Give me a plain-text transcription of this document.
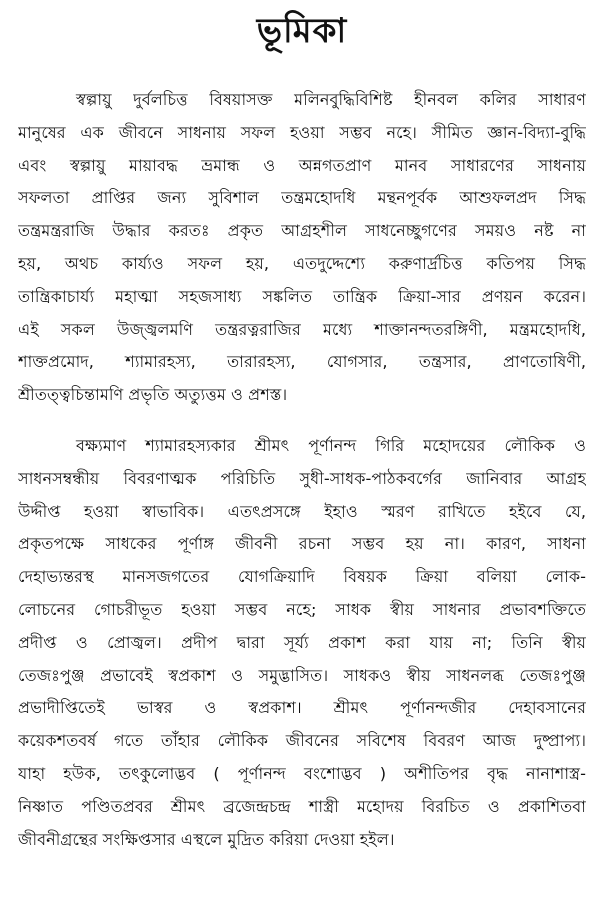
ভূমিকা
স্বল্পায়ু দুর্বলচিত্ত বিষয়াসক্ত মলিনবুদ্ধিবিশিষ্ট হীনবল কলির সাধারণ
মানুষের এক জীবনে সাধনায় সফল হওয়া সম্ভব নহে। সীমিত জ্ঞান-বিদ্যা-বুদ্ধি
এবং স্বল্পায়ু মায়াবদ্ধ ভ্রমান্ধ ও অন্নগতপ্রাণ মানব সাধারণের সাধনায়
সফলতা প্রাপ্তির জন্য সুবিশাল তন্ত্রমহোদধি মন্থনপূর্বক আশুফলপ্রদ সিদ্ধ
তন্ত্রমন্ত্ররাজি উদ্ধার করতঃ প্রকৃত আগ্রহশীল সাধনেচ্ছুগণের সময়ও নষ্ট না
হয়, অথচ কার্য্যও সফল হয়, এতদুদ্দেশ্যে করুণার্দ্রচিত্ত কতিপয় সিদ্ধ
তান্ত্রিকাচার্য্য মহাত্মা সহজসাধ্য সঙ্কলিত তান্ত্রিক ক্রিয়া-সার প্রণয়ন করেন।
এই সকল উজ্জ্বলমণি তন্ত্ররত্নরাজির মধ্যে শাক্তানন্দতরঙ্গিণী, মন্ত্রমহোদধি,
শাক্তপ্রমোদ, শ্যামারহস্য, তারারহস্য, যোগসার, তন্ত্রসার, প্রাণতোষিণী,
শ্রীতত্ত্বচিন্তামণি প্রভৃতি অত্যুত্তম ও প্রশস্ত।
বক্ষ্যমাণ শ্যামারহস্যকার শ্রীমৎ পূর্ণানন্দ গিরি মহোদয়ের লৌকিক ও
সাধনসম্বন্ধীয় বিবরণাত্মক পরিচিতি সুধী-সাধক-পাঠকবর্গের জানিবার আগ্রহ
উদ্দীপ্ত হওয়া স্বাভাবিক। এতৎপ্রসঙ্গে ইহাও স্মরণ রাখিতে হইবে যে,
প্রকৃতপক্ষে সাধকের পূর্ণাঙ্গ জীবনী রচনা সম্ভব হয় না। কারণ, সাধনা
দেহাভ্যন্তরস্থ মানসজগতের যোগক্রিয়াদি বিষয়ক ক্রিয়া বলিয়া লোক-
লোচনের গোচরীভূত হওয়া সম্ভব নহে; সাধক স্বীয় সাধনার প্রভাবশক্তিতে
প্রদীপ্ত ও প্রোজ্বল। প্রদীপ দ্বারা সূর্য্য প্রকাশ করা যায় না; তিনি স্বীয়
তেজঃপুঞ্জ প্রভাবেই স্বপ্রকাশ ও সমুদ্ভাসিত। সাধকও স্বীয় সাধনলব্ধ তেজঃপুঞ্জ
প্রভাদীপ্তিতেই ভাস্বর ও স্বপ্রকাশ। শ্রীমৎ পূর্ণানন্দজীর দেহাবসানের
কয়েকশতবর্ষ গতে তাঁহার লৌকিক জীবনের সবিশেষ বিবরণ আজ দুষ্প্রাপ্য।
যাহা হউক, তৎকুলোদ্ভব ( পূর্ণানন্দ বংশোদ্ভব ) অশীতিপর বৃদ্ধ নানাশাস্ত্র-
নিষ্ণাত পণ্ডিতপ্রবর শ্রীমৎ ব্রজেন্দ্রচন্দ্র শাস্ত্রী মহোদয় বিরচিত ও প্রকাশিতবা
জীবনীগ্রন্থের সংক্ষিপ্তসার এস্থলে মুদ্রিত করিয়া দেওয়া হইল।
